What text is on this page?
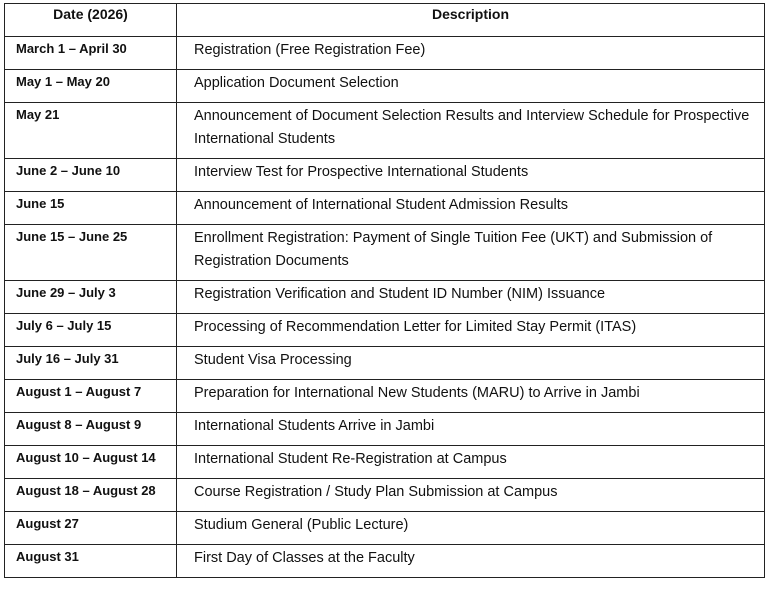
Date (2026)	Description
March 1 – April 30	Registration (Free Registration Fee)
May 1 – May 20	Application Document Selection
May 21	Announcement of Document Selection Results and Interview Schedule for Prospective International Students
June 2 – June 10	Interview Test for Prospective International Students
June 15	Announcement of International Student Admission Results
June 15 – June 25	Enrollment Registration: Payment of Single Tuition Fee (UKT) and Submission of Registration Documents
June 29 – July 3	Registration Verification and Student ID Number (NIM) Issuance
July 6 – July 15	Processing of Recommendation Letter for Limited Stay Permit (ITAS)
July 16 – July 31	Student Visa Processing
August 1 – August 7	Preparation for International New Students (MARU) to Arrive in Jambi
August 8 – August 9	International Students Arrive in Jambi
August 10 – August 14	International Student Re-Registration at Campus
August 18 – August 28	Course Registration / Study Plan Submission at Campus
August 27	Studium General (Public Lecture)
August 31	First Day of Classes at the Faculty
